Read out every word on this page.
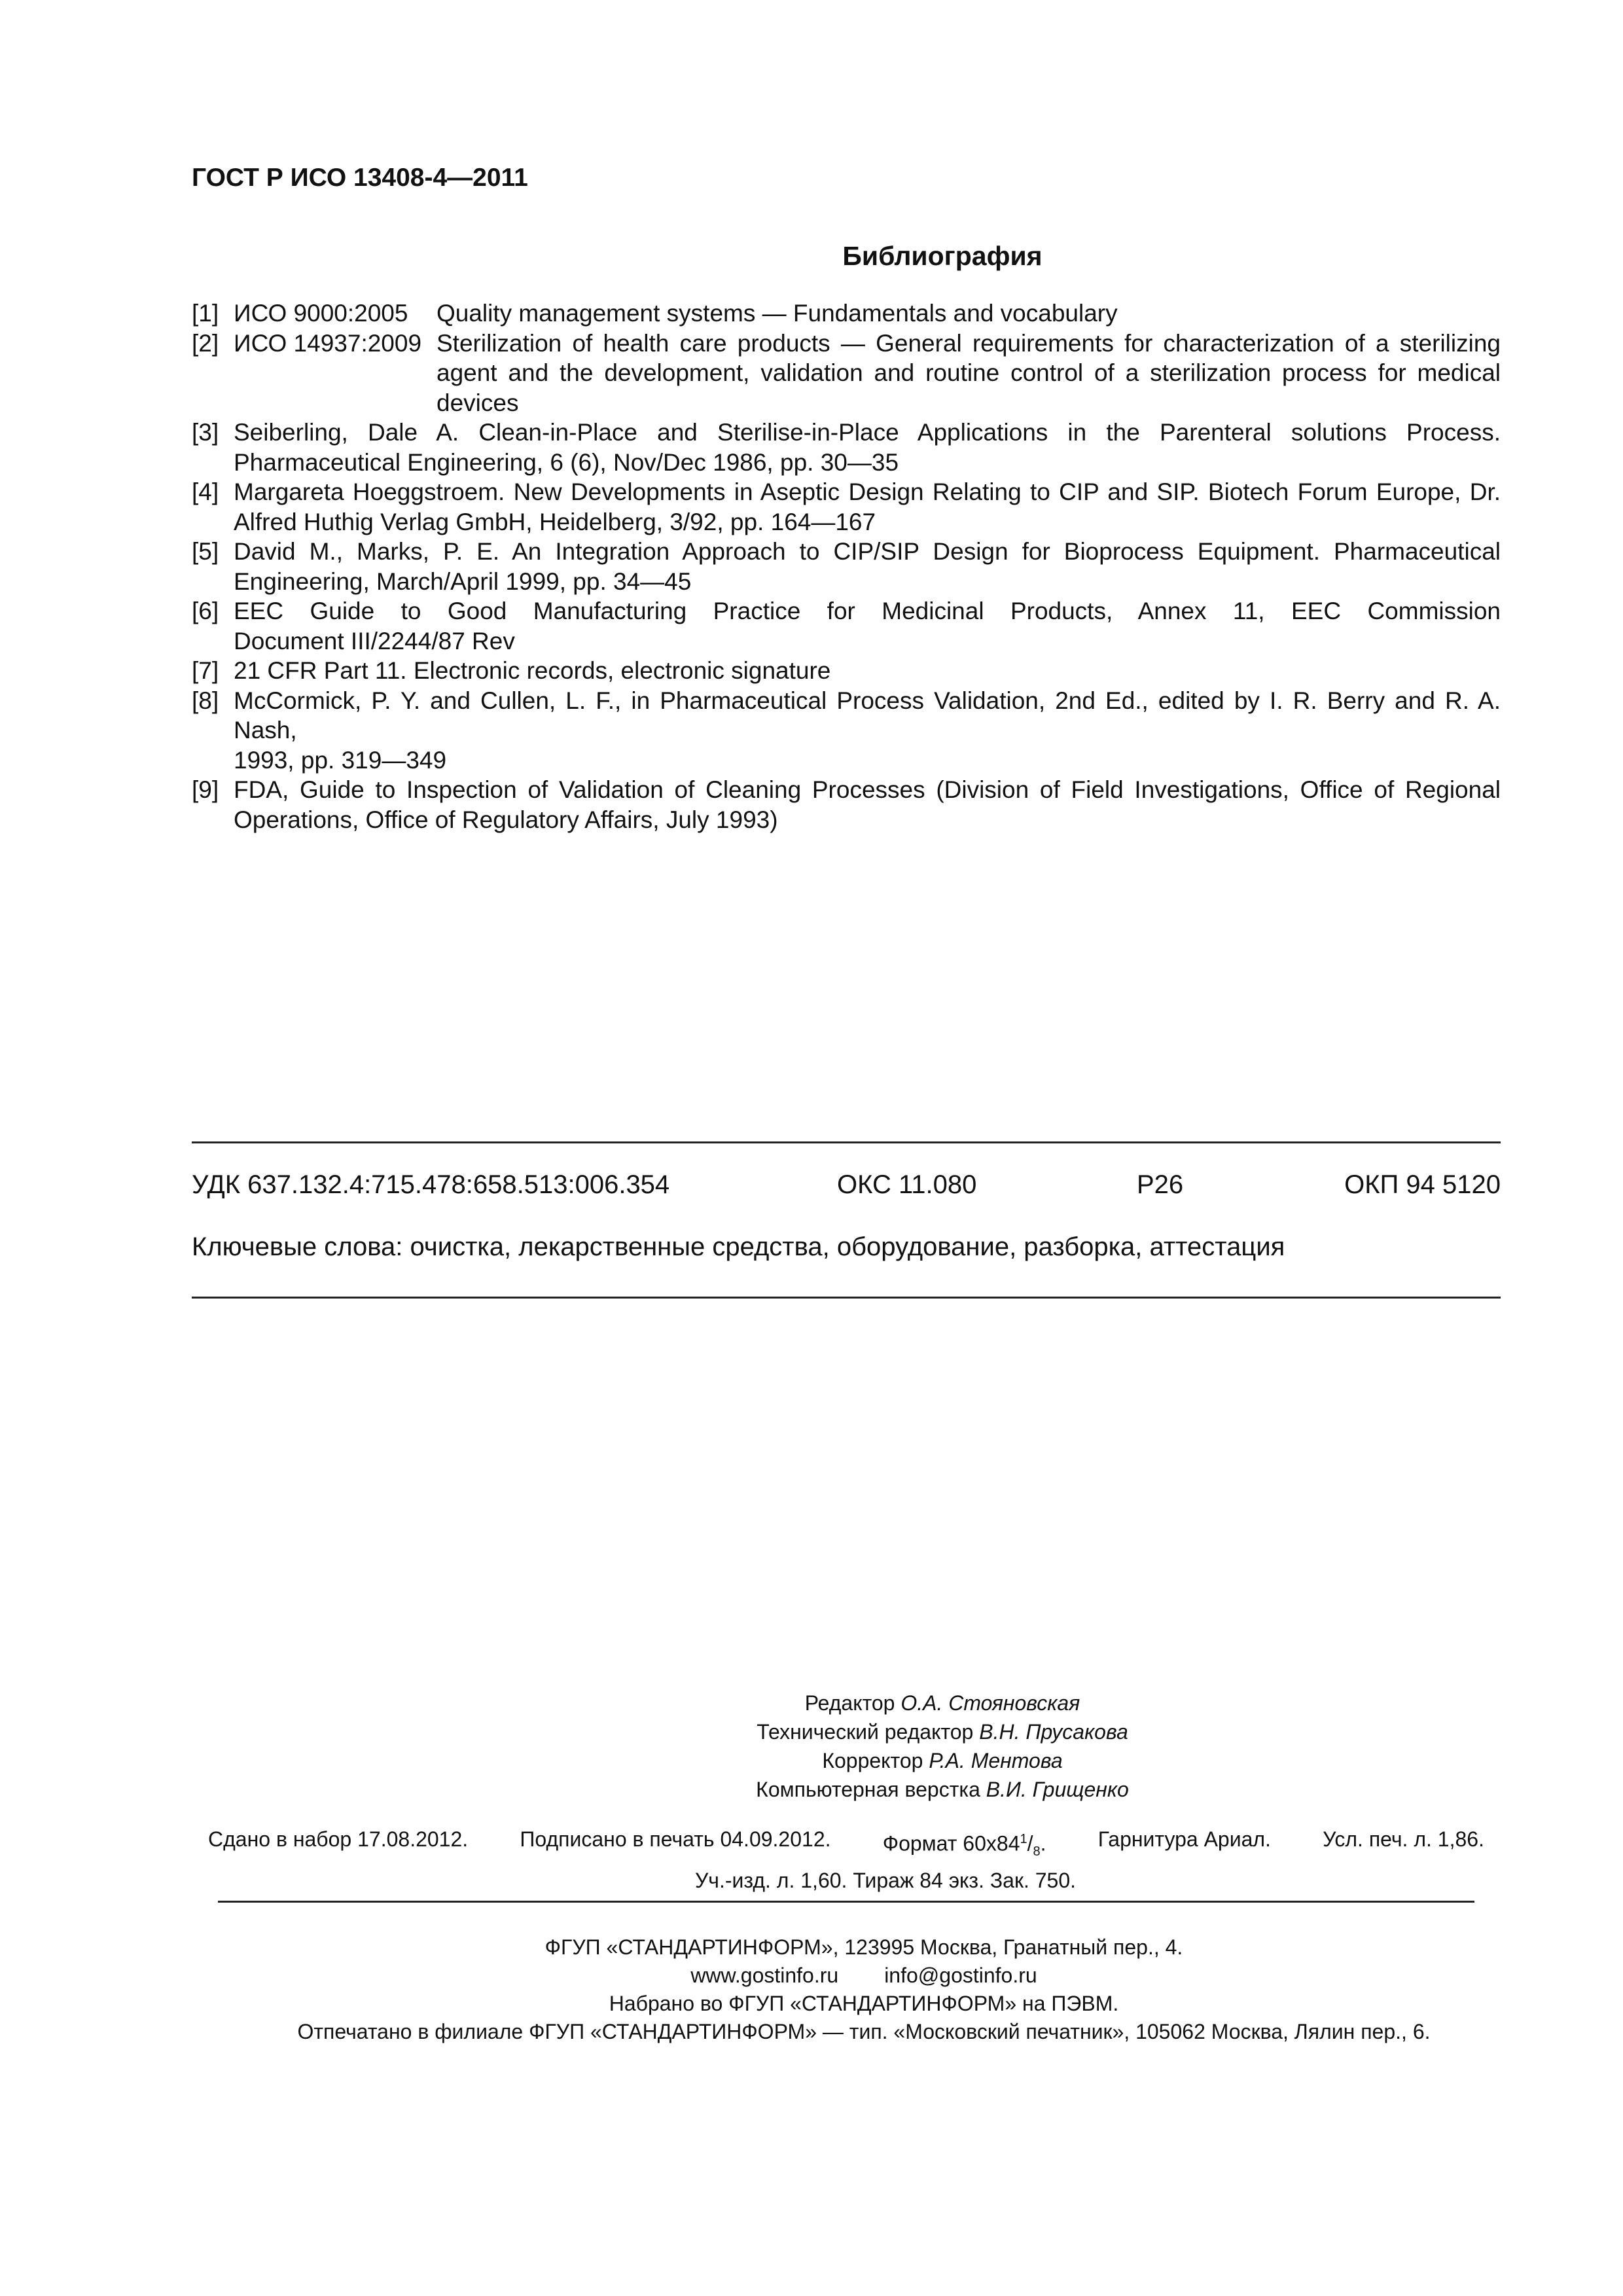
ГОСТ Р ИСО 13408-4—2011
Библиография
[1] ИСО 9000:2005	Quality management systems — Fundamentals and vocabulary
[2] ИСО 14937:2009 Sterilization of health care products — General requirements for characterization of a sterilizing
agent and the development, validation and routine control of a sterilization process for medical
devices
[3] Seiberling, Dale A. Clean-in-Place and Sterilise-in-Place Applications in the Parenteral solutions Process.
Pharmaceutical Engineering, 6 (6), Nov/Dec 1986, pp. 30—35
[4] Margareta Hoeggstroem. New Developments in Aseptic Design Relating to CIP and SIP. Biotech Forum Europe, Dr.
Alfred Huthig Verlag GmbH, Heidelberg, 3/92, pp. 164—167
[5] David M., Marks, P. E. An Integration Approach to CIP/SIP Design for Bioprocess Equipment. Pharmaceutical
Engineering, March/April 1999, pp. 34—45
[6] EEC Guide to Good Manufacturing Practice for Medicinal Products, Annex 11, EEC Commission
Document III/2244/87 Rev
[7] 21 CFR Part 11. Electronic records, electronic signature
[8] McCormick, P. Y. and Cullen, L. F., in Pharmaceutical Process Validation, 2nd Ed., edited by I. R. Berry and R. A. Nash,
1993, pp. 319—349
[9] FDA, Guide to Inspection of Validation of Cleaning Processes (Division of Field Investigations, Office of Regional
Operations, Office of Regulatory Affairs, July 1993)
УДК 637.132.4:715.478:658.513:006.354	ОКС 11.080	Р26	ОКП 94 5120
Ключевые слова: очистка, лекарственные средства, оборудование, разборка, аттестация
Редактор О.А. Стояновская
Технический редактор В.Н. Прусакова
Корректор Р.А. Ментова
Компьютерная верстка В.И. Грищенко
Сдано в набор 17.08.2012. Подписано в печать 04.09.2012. Формат $60х84^1/_8$. Гарнитура Ариал. Усл. печ. л. 1,86.
Уч.-изд. л. 1,60. Тираж 84 экз. Зак. 750.
ФГУП «СТАНДАРТИНФОРМ», 123995 Москва, Гранатный пер., 4.
www.gostinfo.ru info@gostinfo.ru
Набрано во ФГУП «СТАНДАРТИНФОРМ» на ПЭВМ.
Отпечатано в филиале ФГУП «СТАНДАРТИНФОРМ» — тип. «Московский печатник», 105062 Москва, Лялин пер., 6.
